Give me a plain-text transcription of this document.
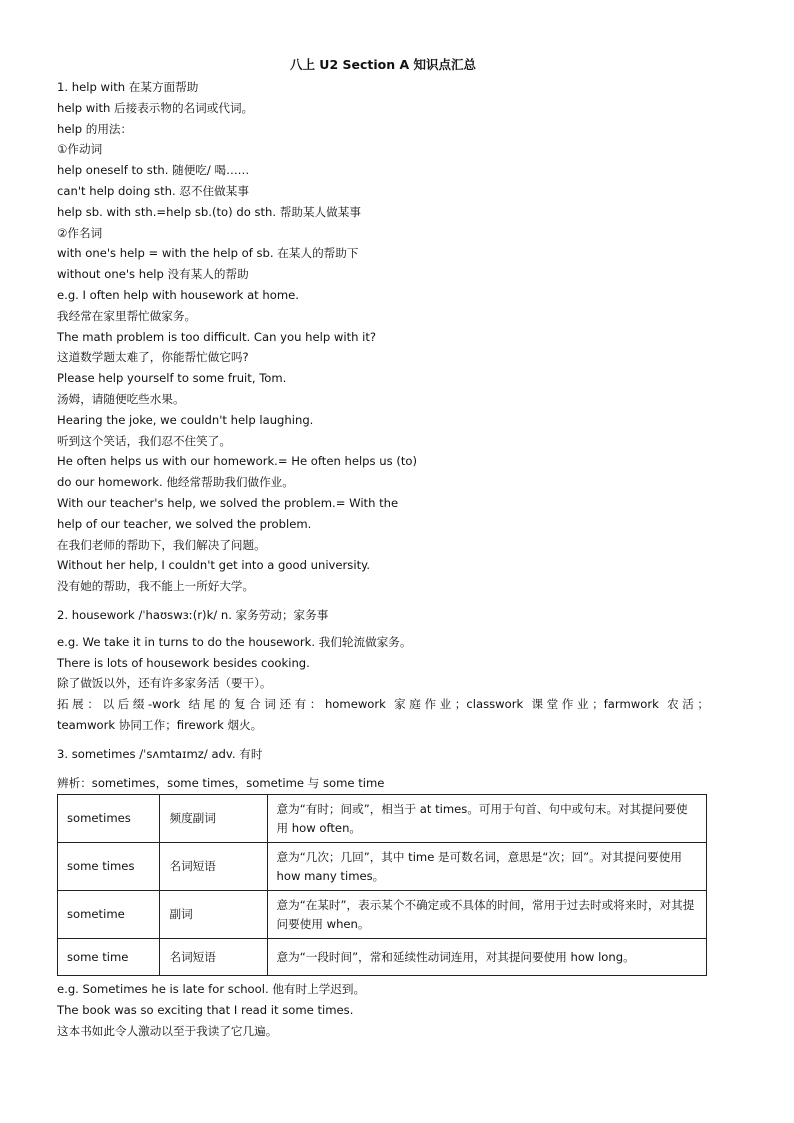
八上 U2 Section A 知识点汇总
1. help with 在某方面帮助
help with 后接表示物的名词或代词。
help 的用法：
①作动词
help oneself to sth. 随便吃/ 喝……
can't help doing sth. 忍不住做某事
help sb. with sth.=help sb.(to) do sth. 帮助某人做某事
②作名词
with one's help = with the help of sb. 在某人的帮助下
without one's help 没有某人的帮助
e.g. I often help with housework at home.
我经常在家里帮忙做家务。
The math problem is too difficult. Can you help with it?
这道数学题太难了，你能帮忙做它吗?
Please help yourself to some fruit, Tom.
汤姆，请随便吃些水果。
Hearing the joke, we couldn't help laughing.
听到这个笑话，我们忍不住笑了。
He often helps us with our homework.= He often helps us (to)
do our homework. 他经常帮助我们做作业。
With our teacher's help, we solved the problem.= With the
help of our teacher, we solved the problem.
在我们老师的帮助下，我们解决了问题。
Without her help, I couldn't get into a good university.
没有她的帮助，我不能上一所好大学。
2. housework /ˈhaʊswɜː(r)k/ n. 家务劳动；家务事
e.g. We take it in turns to do the housework. 我们轮流做家务。
There is lots of housework besides cooking.
除了做饭以外，还有许多家务活（要干）。
拓展：以后缀-work 结尾的复合词还有：homework 家庭作业；classwork 课堂作业；farmwork 农活；
teamwork 协同工作；firework 烟火。
3. sometimes /ˈsʌmtaɪmz/ adv. 有时
辨析：sometimes，some times，sometime 与 some time
sometimes	频度副词	意为“有时；间或”，相当于 at times。可用于句首、句中或句末。对其提问要使用 how often。
some times	名词短语	意为“几次；几回”，其中 time 是可数名词，意思是“次；回”。对其提问要使用 how many times。
sometime	副词	意为“在某时”，表示某个不确定或不具体的时间，常用于过去时或将来时，对其提问要使用 when。
some time	名词短语	意为“一段时间”，常和延续性动词连用，对其提问要使用 how long。
e.g. Sometimes he is late for school. 他有时上学迟到。
The book was so exciting that I read it some times.
这本书如此令人激动以至于我读了它几遍。
